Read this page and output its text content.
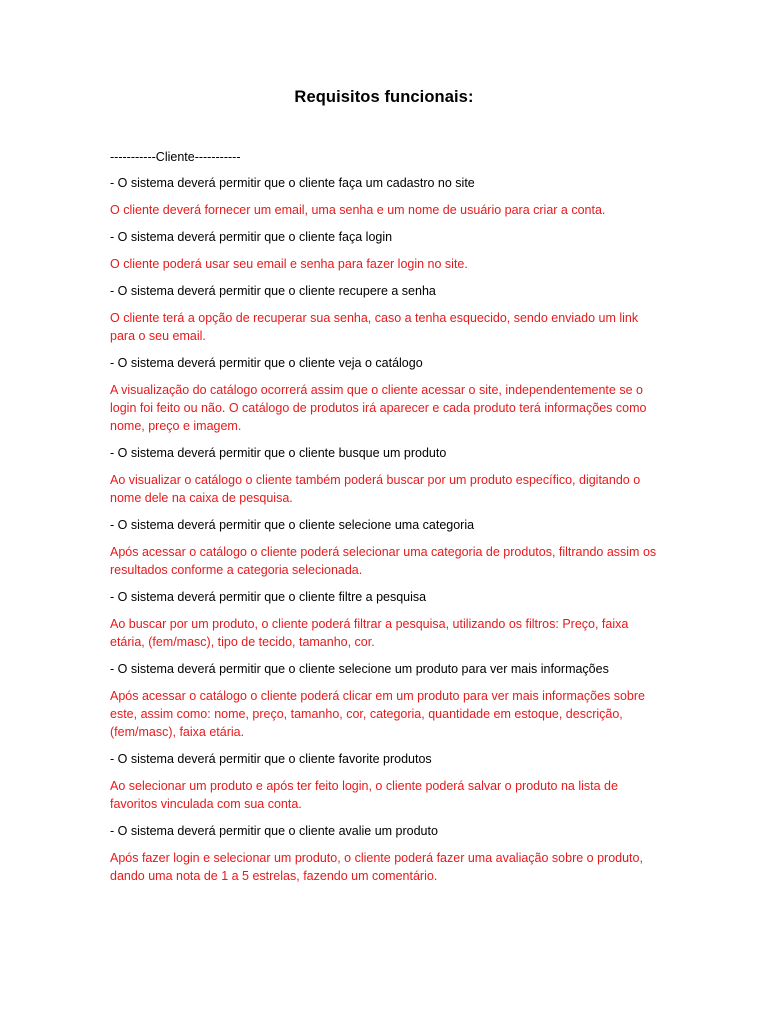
Requisitos funcionais:
-----------Cliente-----------
- O sistema deverá permitir que o cliente faça um cadastro no site
O cliente deverá fornecer um email, uma senha e um nome de usuário para criar a conta.
- O sistema deverá permitir que o cliente faça login
O cliente poderá usar seu email e senha para fazer login no site.
- O sistema deverá permitir que o cliente recupere a senha
O cliente terá a opção de recuperar sua senha, caso a tenha esquecido, sendo enviado um link para o seu email.
- O sistema deverá permitir que o cliente veja o catálogo
A visualização do catálogo ocorrerá assim que o cliente acessar o site, independentemente se o login foi feito ou não. O catálogo de produtos irá aparecer e cada produto terá informações como nome, preço e imagem.
- O sistema deverá permitir que o cliente busque um produto
Ao visualizar o catálogo o cliente também poderá buscar por um produto específico, digitando o nome dele na caixa de pesquisa.
- O sistema deverá permitir que o cliente selecione uma categoria
Após acessar o catálogo o cliente poderá selecionar uma categoria de produtos, filtrando assim os resultados conforme a categoria selecionada.
- O sistema deverá permitir que o cliente filtre a pesquisa
Ao buscar por um produto, o cliente poderá filtrar a pesquisa, utilizando os filtros: Preço, faixa etária, (fem/masc), tipo de tecido, tamanho, cor.
- O sistema deverá permitir que o cliente selecione um produto para ver mais informações
Após acessar o catálogo o cliente poderá clicar em um produto para ver mais informações sobre este, assim como: nome, preço, tamanho, cor, categoria, quantidade em estoque, descrição, (fem/masc), faixa etária.
- O sistema deverá permitir que o cliente favorite produtos
Ao selecionar um produto e após ter feito login, o cliente poderá salvar o produto na lista de favoritos vinculada com sua conta.
- O sistema deverá permitir que o cliente avalie um produto
Após fazer login e selecionar um produto, o cliente poderá fazer uma avaliação sobre o produto, dando uma nota de 1 a 5 estrelas, fazendo um comentário.
